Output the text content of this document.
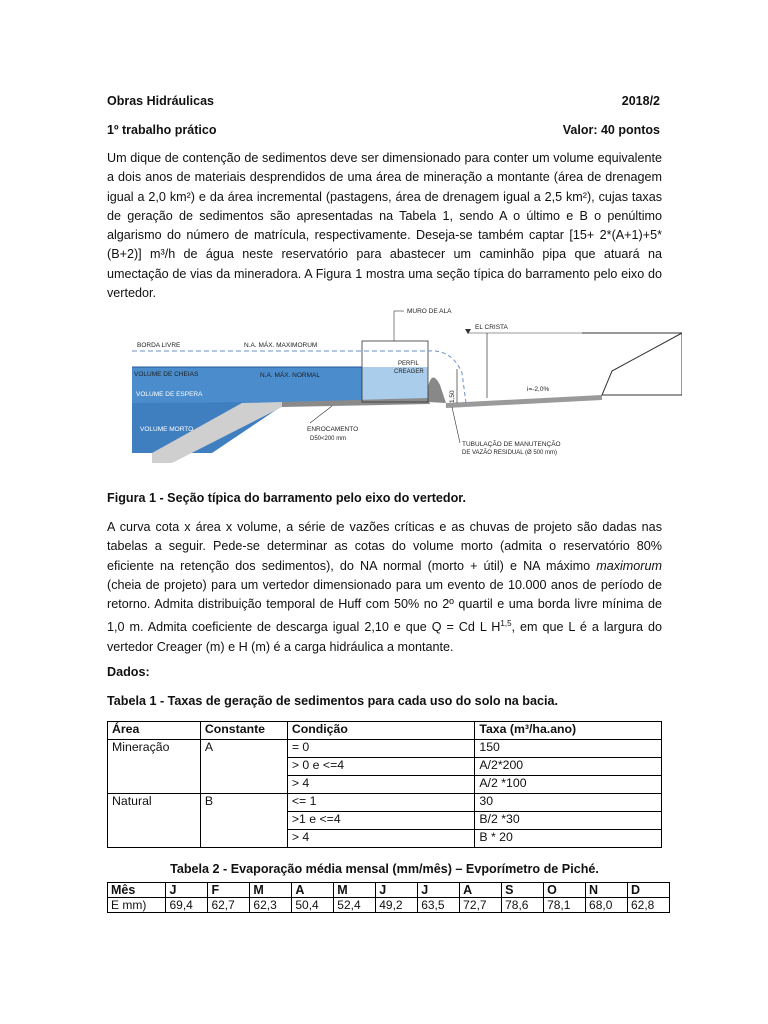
Obras Hidráulicas	2018/2
1º trabalho prático	Valor: 40 pontos
Um dique de contenção de sedimentos deve ser dimensionado para conter um volume equivalente a dois anos de materiais desprendidos de uma área de mineração a montante (área de drenagem igual a 2,0 km²) e da área incremental (pastagens, área de drenagem igual a 2,5 km²), cujas taxas de geração de sedimentos são apresentadas na Tabela 1, sendo A o último e B o penúltimo algarismo do número de matrícula, respectivamente. Deseja-se também captar [15+ 2*(A+1)+5*(B+2)] m³/h de água neste reservatório para abastecer um caminhão pipa que atuará na umectação de vias da mineradora. A Figura 1 mostra uma seção típica do barramento pelo eixo do vertedor.
MURO DE ALA
EL CRISTA
BORDA LIVRE	N.A. MÁX. MAXIMORUM
PERFIL
CREAGER
i=-2,0%
VOLUME DE CHEIAS	N.A. MÁX. NORMAL
VOLUME DE ESPERA	1,50
VOLUME MORTO	ENROCAMENTO
D50<200 mm
TUBULAÇÃO DE MANUTENÇÃO
DE VAZÃO RESIDUAL (Ø 500 mm)
Figura 1 - Seção típica do barramento pelo eixo do vertedor.
A curva cota x área x volume, a série de vazões críticas e as chuvas de projeto são dadas nas tabelas a seguir. Pede-se determinar as cotas do volume morto (admita o reservatório 80% eficiente na retenção dos sedimentos), do NA normal (morto + útil) e NA máximo maximorum (cheia de projeto) para um vertedor dimensionado para um evento de 10.000 anos de período de retorno. Admita distribuição temporal de Huff com 50% no 2º quartil e uma borda livre mínima de 1,0 m. Admita coeficiente de descarga igual 2,10 e que Q = Cd L H$^{1,5}$, em que L é a largura do vertedor Creager (m) e H (m) é a carga hidráulica a montante.
Dados:
Tabela 1 - Taxas de geração de sedimentos para cada uso do solo na bacia.
Área	Constante	Condição	Taxa (m³/ha.ano)
Mineração	A	= 0	150
		> 0 e <=4	A/2*200
		> 4	A/2 *100
Natural	B	<= 1	30
		>1 e <=4	B/2 *30
		> 4	B * 20
Tabela 2 - Evaporação média mensal (mm/mês) – Evporímetro de Piché.
Mês	J	F	M	A	M	J	J	A	S	O	N	D
E mm)	69,4	62,7	62,3	50,4	52,4	49,2	63,5	72,7	78,6	78,1	68,0	62,8
